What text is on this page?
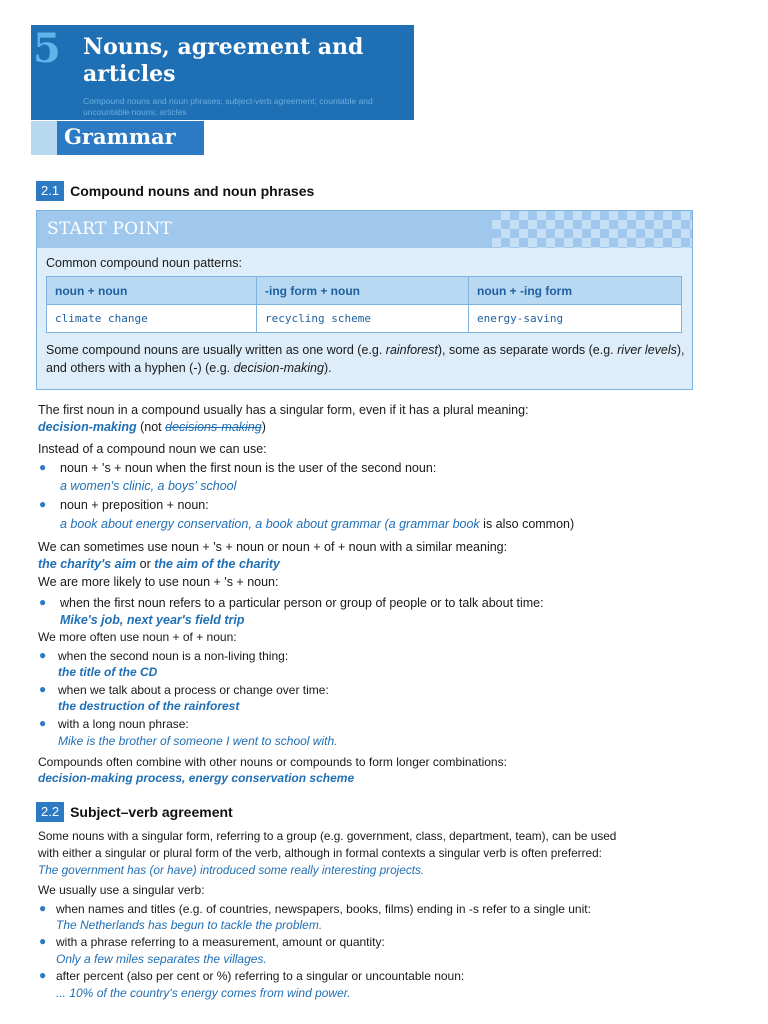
5 Nouns, agreement and articles
Compound nouns and noun phrases; subject-verb agreement; countable and uncountable nouns; articles
Grammar
2.1 Compound nouns and noun phrases
START POINT
Common compound noun patterns:
noun + noun	-ing form + noun	noun + -ing form
climate change	recycling scheme	energy-saving
Some compound nouns are usually written as one word (e.g. rainforest), some as separate words (e.g. river levels), and others with a hyphen (-) (e.g. decision-making).
The first noun in a compound usually has a singular form, even if it has a plural meaning:
decision-making (not decisions-making)
Instead of a compound noun we can use:
● noun + 's + noun when the first noun is the user of the second noun:
a women's clinic, a boys' school
● noun + preposition + noun:
a book about energy conservation, a book about grammar (a grammar book is also common)
We can sometimes use noun + 's + noun or noun + of + noun with a similar meaning:
the charity's aim or the aim of the charity
We are more likely to use noun + 's + noun:
● when the first noun refers to a particular person or group of people or to talk about time:
Mike's job, next year's field trip
We more often use noun + of + noun:
● when the second noun is a non-living thing:
the title of the CD
● when we talk about a process or change over time:
the destruction of the rainforest
● with a long noun phrase:
Mike is the brother of someone I went to school with.
Compounds often combine with other nouns or compounds to form longer combinations:
decision-making process, energy conservation scheme
2.2 Subject–verb agreement
Some nouns with a singular form, referring to a group (e.g. government, class, department, team), can be used
with either a singular or plural form of the verb, although in formal contexts a singular verb is often preferred:
The government has (or have) introduced some really interesting projects.
We usually use a singular verb:
● when names and titles (e.g. of countries, newspapers, books, films) ending in -s refer to a single unit:
The Netherlands has begun to tackle the problem.
● with a phrase referring to a measurement, amount or quantity:
Only a few miles separates the villages.
● after percent (also per cent or %) referring to a singular or uncountable noun:
... 10% of the country's energy comes from wind power.
